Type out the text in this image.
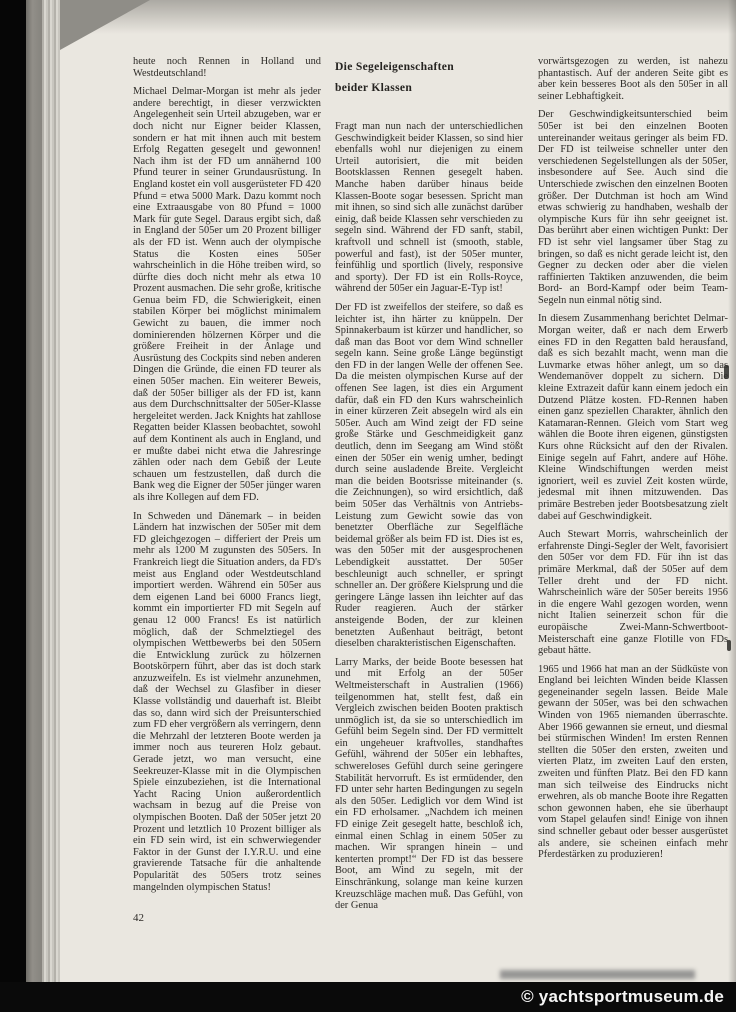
heute noch Rennen in Holland und Westdeutschland!

Michael Delmar-Morgan ist mehr als jeder andere berechtigt, in dieser verzwickten Angelegenheit sein Urteil abzugeben, war er doch nicht nur Eigner beider Klassen, sondern er hat mit ihnen auch mit bestem Erfolg Regatten gesegelt und gewonnen! Nach ihm ist der FD um annähernd 100 Pfund teurer in seiner Grundausrüstung. In England kostet ein voll ausgerüsteter FD 420 Pfund = etwa 5000 Mark. Dazu kommt noch eine Extraausgabe von 80 Pfund = 1000 Mark für gute Segel. Daraus ergibt sich, daß in England der 505er um 20 Prozent billiger als der FD ist. Wenn auch der olympische Status die Kosten eines 505er wahrscheinlich in die Höhe treiben wird, so dürfte dies doch nicht mehr als etwa 10 Prozent ausmachen. Die sehr große, kritische Genua beim FD, die Schwierigkeit, einen stabilen Körper bei möglichst minimalem Gewicht zu bauen, die immer noch dominierenden hölzernen Körper und die größere Freiheit in der Anlage und Ausrüstung des Cockpits sind neben anderen Dingen die Gründe, die einen FD teurer als einen 505er machen. Ein weiterer Beweis, daß der 505er billiger als der FD ist, kann aus dem Durchschnittsalter der 505er-Klasse hergeleitet werden. Jack Knights hat zahllose Regatten beider Klassen beobachtet, sowohl auf dem Kontinent als auch in England, und er mußte dabei nicht etwa die Jahresringe zählen oder nach dem Gebiß der Leute schauen um festzustellen, daß durch die Bank weg die Eigner der 505er jünger waren als ihre Kollegen auf dem FD.

In Schweden und Dänemark – in beiden Ländern hat inzwischen der 505er mit dem FD gleichgezogen – differiert der Preis um mehr als 1200 M zugunsten des 505ers. In Frankreich liegt die Situation anders, da FD's meist aus England oder Westdeutschland importiert werden. Während ein 505er aus dem eigenen Land bei 6000 Francs liegt, kommt ein importierter FD mit Segeln auf genau 12 000 Francs! Es ist natürlich möglich, daß der Schmelztiegel des olympischen Wettbewerbs bei den 505ern die Entwicklung zurück zu hölzernen Bootskörpern führt, aber das ist doch stark anzuzweifeln. Es ist vielmehr anzunehmen, daß der Wechsel zu Glasfiber in dieser Klasse vollständig und dauerhaft ist. Bleibt das so, dann wird sich der Preisunterschied zum FD eher vergrößern als verringern, denn die Mehrzahl der letzteren Boote werden ja immer noch aus teureren Holz gebaut. Gerade jetzt, wo man versucht, eine Seekreuzer-Klasse mit in die Olympischen Spiele einzubeziehen, ist die International Yacht Racing Union außerordentlich wachsam in bezug auf die Preise von olympischen Booten. Daß der 505er jetzt 20 Prozent und letztlich 10 Prozent billiger als ein FD sein wird, ist ein schwerwiegender Faktor in der Gunst der I.Y.R.U. und eine gravierende Tatsache für die anhaltende Popularität des 505ers trotz seines mangelnden olympischen Status!

Die Segeleigenschaften
beider Klassen

Fragt man nun nach der unterschiedlichen Geschwindigkeit beider Klassen, so sind hier ebenfalls wohl nur diejenigen zu einem Urteil autorisiert, die mit beiden Bootsklassen Rennen gesegelt haben. Manche haben darüber hinaus beide Klassen-Boote sogar besessen. Spricht man mit ihnen, so sind sich alle zunächst darüber einig, daß beide Klassen sehr verschieden zu segeln sind. Während der FD sanft, stabil, kraftvoll und schnell ist (smooth, stable, powerful and fast), ist der 505er munter, feinfühlig und sportlich (lively, responsive and sporty). Der FD ist ein Rolls-Royce, während der 505er ein Jaguar-E-Typ ist!

Der FD ist zweifellos der steifere, so daß es leichter ist, ihn härter zu knüppeln. Der Spinnakerbaum ist kürzer und handlicher, so daß man das Boot vor dem Wind schneller segeln kann. Seine große Länge begünstigt den FD in der langen Welle der offenen See. Da die meisten olympischen Kurse auf der offenen See lagen, ist dies ein Argument dafür, daß ein FD den Kurs wahrscheinlich in einer kürzeren Zeit absegeln wird als ein 505er. Auch am Wind zeigt der FD seine große Stärke und Geschmeidigkeit ganz deutlich, denn im Seegang am Wind stößt einen der 505er ein wenig umher, bedingt durch seine ausladende Breite. Vergleicht man die beiden Bootsrisse miteinander (s. die Zeichnungen), so wird ersichtlich, daß beim 505er das Verhältnis von Antriebs-Leistung zum Gewicht sowie das von benetzter Oberfläche zur Segelfläche beidemal größer als beim FD ist. Dies ist es, was den 505er mit der ausgesprochenen Lebendigkeit ausstattet. Der 505er beschleunigt auch schneller, er springt schneller an. Der größere Kielsprung und die geringere Länge lassen ihn leichter auf das Ruder reagieren. Auch der stärker ansteigende Boden, der zur kleinen benetzten Außenhaut beiträgt, betont dieselben charakteristischen Eigenschaften.

Larry Marks, der beide Boote besessen hat und mit Erfolg an der 505er Weltmeisterschaft in Australien (1966) teilgenommen hat, stellt fest, daß ein Vergleich zwischen beiden Booten praktisch unmöglich ist, da sie so unterschiedlich im Gefühl beim Segeln sind. Der FD vermittelt ein ungeheuer kraftvolles, standhaftes Gefühl, während der 505er ein lebhaftes, schwereloses Gefühl durch seine geringere Stabilität hervorruft. Es ist ermüdender, den FD unter sehr harten Bedingungen zu segeln als den 505er. Lediglich vor dem Wind ist ein FD erholsamer. „Nachdem ich meinen FD einige Zeit gesegelt hatte, beschloß ich, einmal einen Schlag in einem 505er zu machen. Wir sprangen hinein – und kenterten prompt!“ Der FD ist das bessere Boot, am Wind zu segeln, mit der Einschränkung, solange man keine kurzen Kreuzschläge machen muß. Das Gefühl, von der Genua

vorwärtsgezogen zu werden, ist nahezu phantastisch. Auf der anderen Seite gibt es aber kein besseres Boot als den 505er in all seiner Lebhaftigkeit.

Der Geschwindigkeitsunterschied beim 505er ist bei den einzelnen Booten untereinander weitaus geringer als beim FD. Der FD ist teilweise schneller unter den verschiedenen Segelstellungen als der 505er, insbesondere auf See. Auch sind die Unterschiede zwischen den einzelnen Booten größer. Der Dutchman ist hoch am Wind etwas schwierig zu handhaben, weshalb der olympische Kurs für ihn sehr geeignet ist. Das berührt aber einen wichtigen Punkt: Der FD ist sehr viel langsamer über Stag zu bringen, so daß es nicht gerade leicht ist, den Gegner zu decken oder aber die vielen raffinierten Taktiken anzuwenden, die beim Bord- an Bord-Kampf oder beim Team-Segeln nun einmal nötig sind.

In diesem Zusammenhang berichtet Delmar-Morgan weiter, daß er nach dem Erwerb eines FD in den Regatten bald herausfand, daß es sich bezahlt macht, wenn man die Luvmarke etwas höher anlegt, um so das Wendemanöver doppelt zu sichern. Die kleine Extrazeit dafür kann einem jedoch ein Dutzend Plätze kosten. FD-Rennen haben einen ganz speziellen Charakter, ähnlich den Katamaran-Rennen. Gleich vom Start weg wählen die Boote ihren eigenen, günstigsten Kurs ohne Rücksicht auf den der Rivalen. Einige segeln auf Fahrt, andere auf Höhe. Kleine Windschiftungen werden meist ignoriert, weil es zuviel Zeit kosten würde, jedesmal mit ihnen mitzuwenden. Das primäre Bestreben jeder Bootsbesatzung zielt dabei auf Geschwindigkeit.

Auch Stewart Morris, wahrscheinlich der erfahrenste Dingi-Segler der Welt, favorisiert den 505er vor dem FD. Für ihn ist das primäre Merkmal, daß der 505er auf dem Teller dreht und der FD nicht. Wahrscheinlich wäre der 505er bereits 1956 in die engere Wahl gezogen worden, wenn nicht Italien seinerzeit schon für die europäische Zwei-Mann-Schwertboot-Meisterschaft eine ganze Flotille von FDs gebaut hätte.

1965 und 1966 hat man an der Südküste von England bei leichten Winden beide Klassen gegeneinander segeln lassen. Beide Male gewann der 505er, was bei den schwachen Winden von 1965 niemanden überraschte. Aber 1966 gewannen sie erneut, und diesmal bei stürmischen Winden! Im ersten Rennen stellten die 505er den ersten, zweiten und vierten Platz, im zweiten Lauf den ersten, zweiten und fünften Platz. Bei den FD kann man sich teilweise des Eindrucks nicht erwehren, als ob manche Boote ihre Regatten schon gewonnen haben, ehe sie überhaupt vom Stapel gelaufen sind! Einige von ihnen sind schneller gebaut oder besser ausgerüstet als andere, sie scheinen einfach mehr Pferdestärken zu produzieren!

42
© yachtsportmuseum.de
